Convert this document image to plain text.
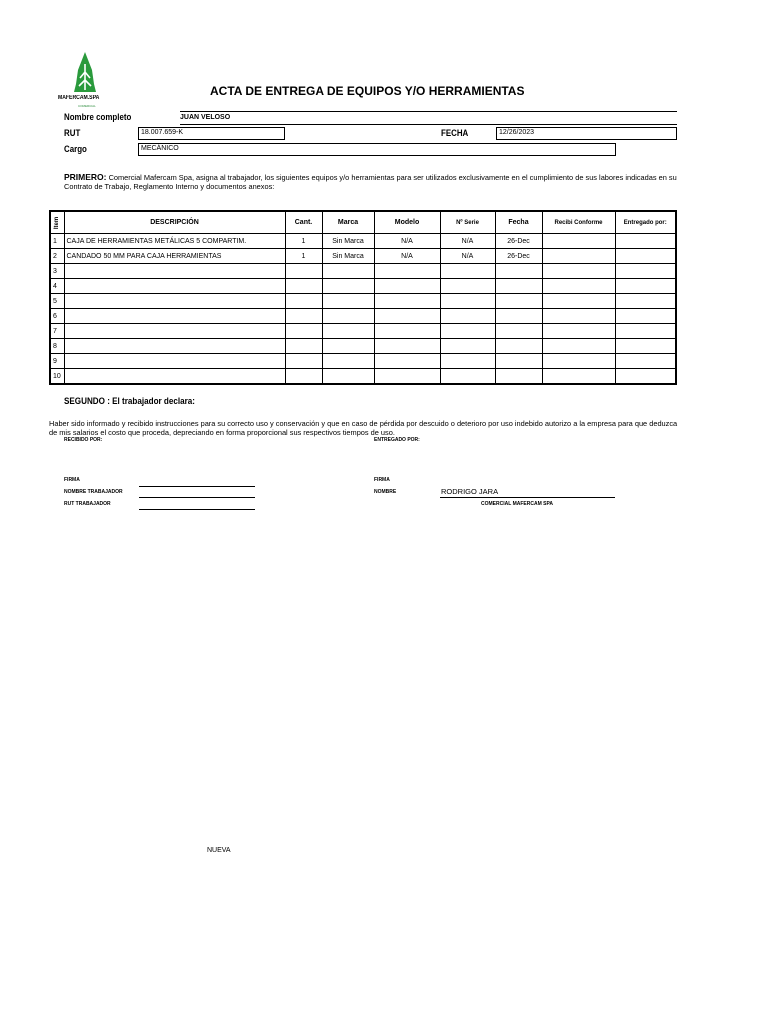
MAFERCAM.SPA
COMERCIAL
ACTA DE ENTREGA DE EQUIPOS Y/O HERRAMIENTAS
Nombre completo	JUAN VELOSO
RUT	18.007.659-K	FECHA	12/26/2023
Cargo	MECÁNICO
PRIMERO: Comercial Mafercam Spa, asigna al trabajador, los siguientes equipos y/o herramientas para ser utilizados exclusivamente en el cumplimiento de sus labores indicadas en su Contrato de Trabajo, Reglamento Interno y documentos anexos:
Item	DESCRIPCIÓN	Cant.	Marca	Modelo	Nº Serie	Fecha	Recibi Conforme	Entregado por:
1	CAJA DE HERRAMIENTAS METÁLICAS 5 COMPARTIM.	1	Sin Marca	N/A	N/A	26-Dec		
2	CANDADO 50 MM PARA CAJA HERRAMIENTAS	1	Sin Marca	N/A	N/A	26-Dec		
3								
4								
5								
6								
7								
8								
9								
10								
SEGUNDO : El trabajador declara:
Haber sido informado y recibido instrucciones para su correcto uso y conservación y que en caso de pérdida por descuido o deterioro por uso indebido autorizo a la empresa para que deduzca de mis salarios el costo que proceda, depreciando en forma proporcional sus respectivos tiempos de uso.
RECIBIDO POR:
FIRMA
NOMBRE TRABAJADOR
RUT TRABAJADOR
ENTREGADO POR:
FIRMA
NOMBRE	RODRIGO JARA
COMERCIAL MAFERCAM SPA
NUEVA
